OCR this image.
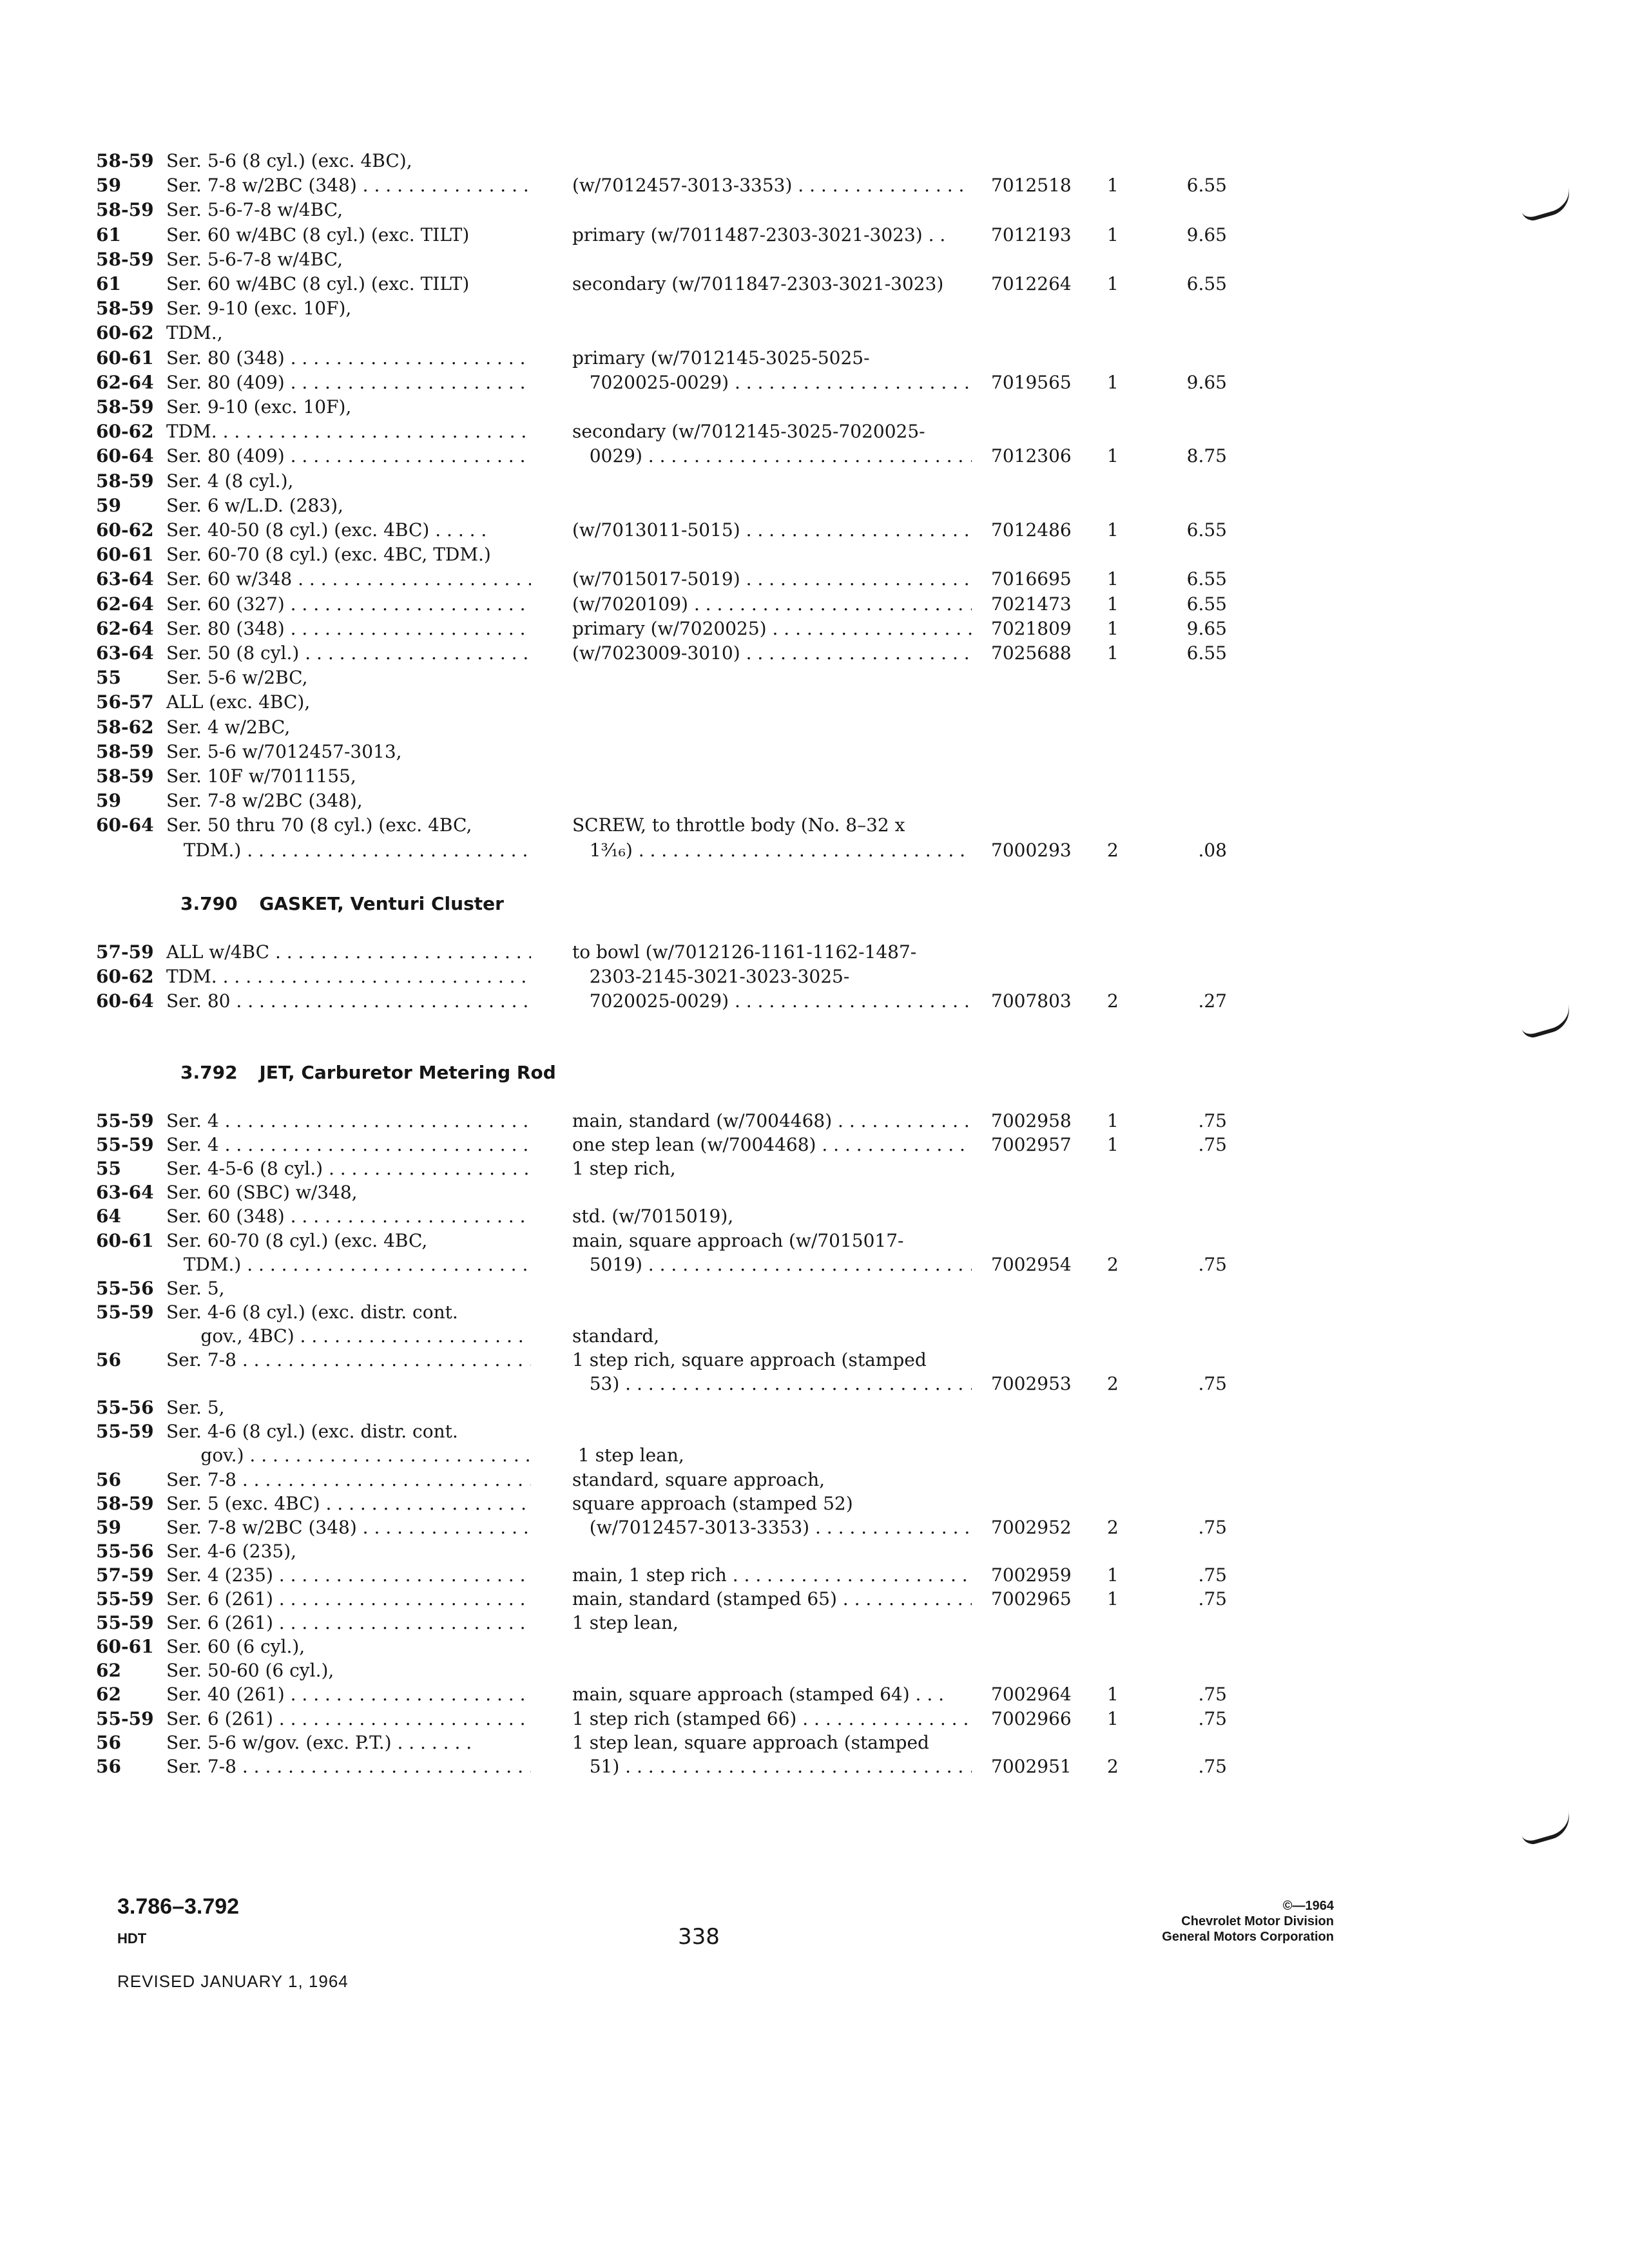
58-59 Ser. 5-6 (8 cyl.) (exc. 4BC),
59	Ser. 7-8 w/2BC (348) . . .	(w/7012457-3013-3353) . . .	7012518 1	6.55
58-59 Ser. 5-6-7-8 w/4BC,
61	Ser. 60 w/4BC (8 cyl.) (exc. TILT)	primary (w/7011487-2303-3021-3023) . .	7012193 1	9.65
58-59 Ser. 5-6-7-8 w/4BC,
61	Ser. 60 w/4BC (8 cyl.) (exc. TILT)	secondary (w/7011847-2303-3021-3023)	7012264 1	6.55
58-59 Ser. 9-10 (exc. 10F),
60-62 TDM.,
60-61 Ser. 80 (348) . . .	primary (w/7012145-3025-5025-
62-64 Ser. 80 (409) . . .	7020025-0029) . . .	7019565 1	9.65
58-59 Ser. 9-10 (exc. 10F),
60-62 TDM. . . .	secondary (w/7012145-3025-7020025-
60-64 Ser. 80 (409) . . .	0029) . . .	7012306 1	8.75
58-59 Ser. 4 (8 cyl.),
59	Ser. 6 w/L.D. (283),
60-62 Ser. 40-50 (8 cyl.) (exc. 4BC) . . . . .	(w/7013011-5015) . . .	7012486 1	6.55
60-61 Ser. 60-70 (8 cyl.) (exc. 4BC, TDM.)
63-64 Ser. 60 w/348 . . .	(w/7015017-5019) . . .	7016695 1	6.55
62-64 Ser. 60 (327) . . .	(w/7020109) . . .	7021473 1	6.55
62-64 Ser. 80 (348) . . .	primary (w/7020025) . . .	7021809 1	9.65
63-64 Ser. 50 (8 cyl.) . . .	(w/7023009-3010) . . .	7025688 1	6.55
55	Ser. 5-6 w/2BC,
56-57 ALL (exc. 4BC),
58-62 Ser. 4 w/2BC,
58-59 Ser. 5-6 w/7012457-3013,
58-59 Ser. 10F w/7011155,
59	Ser. 7-8 w/2BC (348),
60-64 Ser. 50 thru 70 (8 cyl.) (exc. 4BC,	SCREW, to throttle body (No. 8–32 x
TDM.) . . .	1³⁄₁₆) . . .	7000293 2	.08
3.790 GASKET, Venturi Cluster
57-59 ALL w/4BC . . .	to bowl (w/7012126-1161-1162-1487-
60-62 TDM. . . .	2303-2145-3021-3023-3025-
60-64 Ser. 80 . . .	7020025-0029) . . .	7007803 2	.27
3.792 JET, Carburetor Metering Rod
55-59 Ser. 4 . . .	main, standard (w/7004468) . . .	7002958 1	.75
55-59 Ser. 4 . . .	one step lean (w/7004468) . . .	7002957 1	.75
55	Ser. 4-5-6 (8 cyl.) . . .	1 step rich,
63-64 Ser. 60 (SBC) w/348,
64	Ser. 60 (348) . . .	std. (w/7015019),
60-61 Ser. 60-70 (8 cyl.) (exc. 4BC,	main, square approach (w/7015017-
TDM.) . . .	5019) . . .	7002954 2	.75
55-56 Ser. 5,
55-59 Ser. 4-6 (8 cyl.) (exc. distr. cont.
gov., 4BC) . . .	standard,
56	Ser. 7-8 . . .	1 step rich, square approach (stamped
53) . . .	7002953 2	.75
55-56 Ser. 5,
55-59 Ser. 4-6 (8 cyl.) (exc. distr. cont.
gov.) . . .	1 step lean,
56	Ser. 7-8 . . .	standard, square approach,
58-59 Ser. 5 (exc. 4BC) . . .	square approach (stamped 52)
59	Ser. 7-8 w/2BC (348) . . .	(w/7012457-3013-3353) . . .	7002952 2	.75
55-56 Ser. 4-6 (235),
57-59 Ser. 4 (235) . . .	main, 1 step rich . . .	7002959 1	.75
55-59 Ser. 6 (261) . . .	main, standard (stamped 65) . . .	7002965 1	.75
55-59 Ser. 6 (261) . . .	1 step lean,
60-61 Ser. 60 (6 cyl.),
62	Ser. 50-60 (6 cyl.),
62	Ser. 40 (261) . . .	main, square approach (stamped 64) . . .	7002964 1	.75
55-59 Ser. 6 (261) . . .	1 step rich (stamped 66) . . .	7002966 1	.75
56	Ser. 5-6 w/gov. (exc. P.T.) . . . . . . .	1 step lean, square approach (stamped
56	Ser. 7-8 . . .	51) . . .	7002951 2	.75
3.786–3.792
HDT
REVISED JANUARY 1, 1964
338
©—1964
Chevrolet Motor Division
General Motors Corporation
